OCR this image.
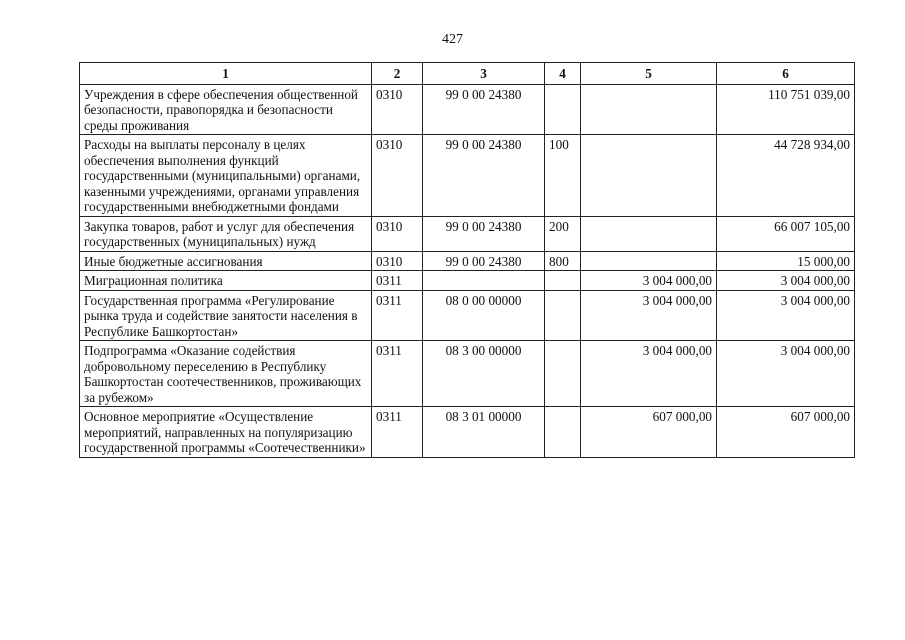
427
1	2	3	4	5	6
Учреждения в сфере обеспечения общественной безопасности, правопорядка и безопасности среды проживания	0310	99 0 00 24380			110 751 039,00
Расходы на выплаты персоналу в целях обеспечения выполнения функций государственными (муниципальными) органами, казенными учреждениями, органами управления государственными внебюджетными фондами	0310	99 0 00 24380	100		44 728 934,00
Закупка товаров, работ и услуг для обеспечения государственных (муниципальных) нужд	0310	99 0 00 24380	200		66 007 105,00
Иные бюджетные ассигнования	0310	99 0 00 24380	800		15 000,00
Миграционная политика	0311			3 004 000,00	3 004 000,00
Государственная программа «Регулирование рынка труда и содействие занятости населения в Республике Башкортостан»	0311	08 0 00 00000		3 004 000,00	3 004 000,00
Подпрограмма «Оказание содействия добровольному переселению в Республику Башкортостан соотечественников, проживающих за рубежом»	0311	08 3 00 00000		3 004 000,00	3 004 000,00
Основное мероприятие «Осуществление мероприятий, направленных на популяризацию государственной программы «Соотечественники»	0311	08 3 01 00000		607 000,00	607 000,00
